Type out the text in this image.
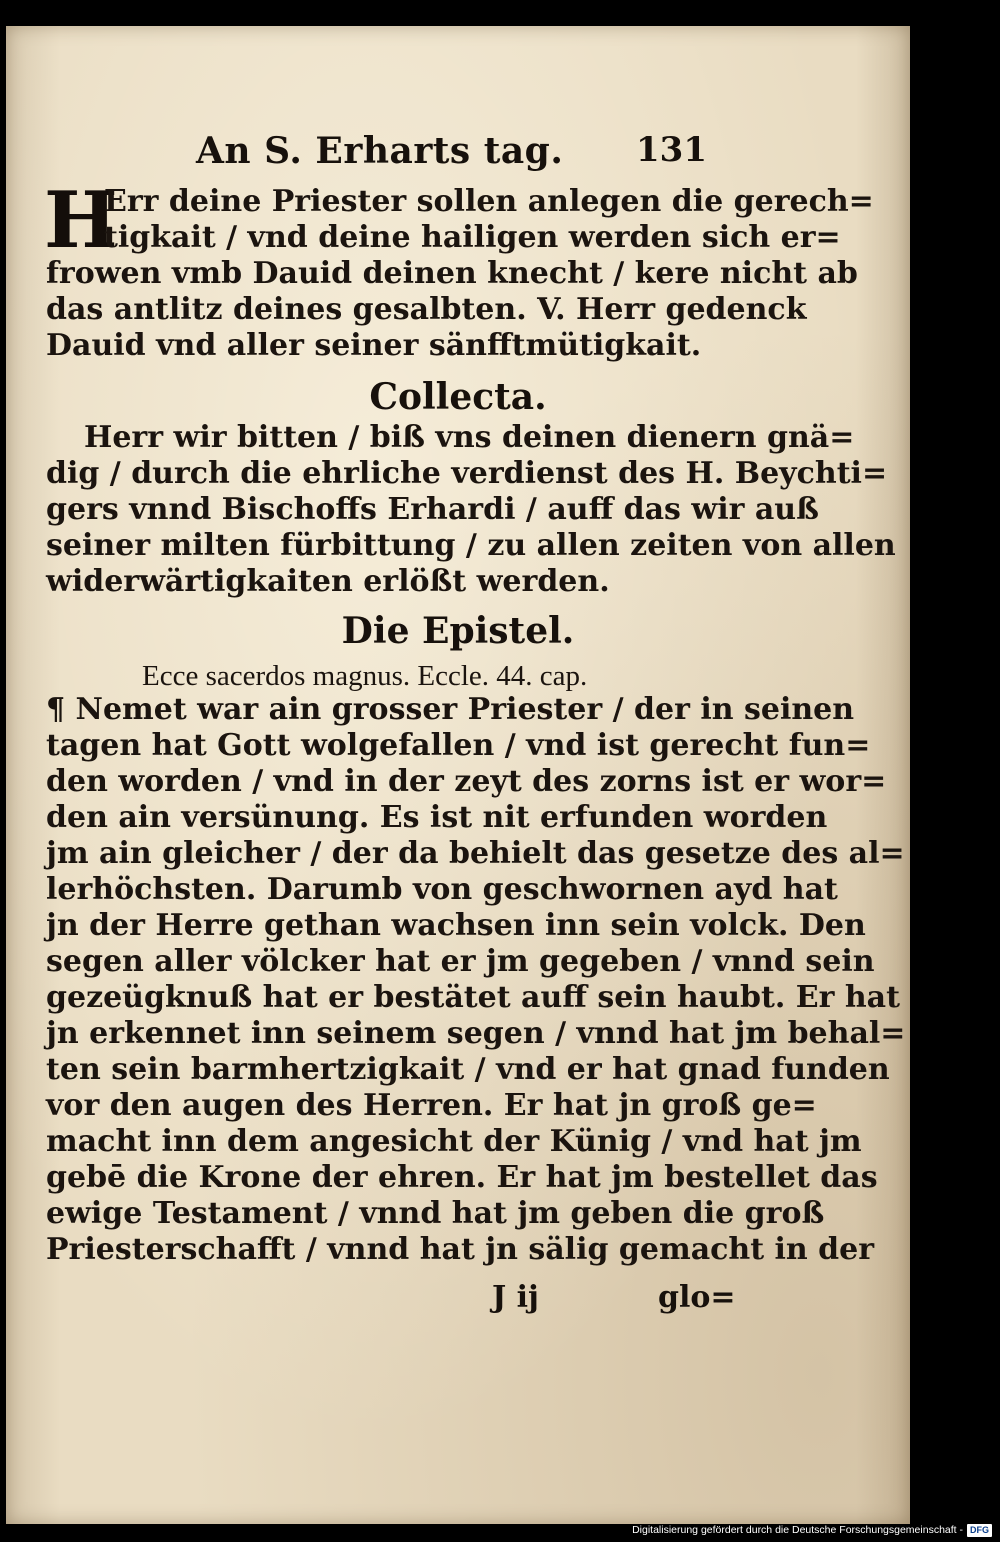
An S. Erharts tag. 131
H
Err deine Priester sollen anlegen die gerech=
tigkait / vnd deine hailigen werden sich er=
frowen vmb Dauid deinen knecht / kere nicht ab
das antlitz deines gesalbten. V. Herr gedenck
Dauid vnd aller seiner sänfftmütigkait.
Collecta.
Herr wir bitten / biß vns deinen dienern gnä=
dig / durch die ehrliche verdienst des H. Beychti=
gers vnnd Bischoffs Erhardi / auff das wir auß
seiner milten fürbittung / zu allen zeiten von allen
widerwärtigkaiten erlößt werden.
Die Epistel.
Ecce sacerdos magnus. Eccle. 44. cap.
¶ Nemet war ain grosser Priester / der in seinen
tagen hat Gott wolgefallen / vnd ist gerecht fun=
den worden / vnd in der zeyt des zorns ist er wor=
den ain versünung. Es ist nit erfunden worden
jm ain gleicher / der da behielt das gesetze des al=
lerhöchsten. Darumb von geschwornen ayd hat
jn der Herre gethan wachsen inn sein volck. Den
segen aller völcker hat er jm gegeben / vnnd sein
gezeügknuß hat er bestätet auff sein haubt. Er hat
jn erkennet inn seinem segen / vnnd hat jm behal=
ten sein barmhertzigkait / vnd er hat gnad funden
vor den augen des Herren. Er hat jn groß ge=
macht inn dem angesicht der Künig / vnd hat jm
gebē die Krone der ehren. Er hat jm bestellet das
ewige Testament / vnnd hat jm geben die groß
Priesterschafft / vnnd hat jn sälig gemacht in der
J ij	glo=
Digitalisierung gefördert durch die Deutsche Forschungsgemeinschaft - DFG
